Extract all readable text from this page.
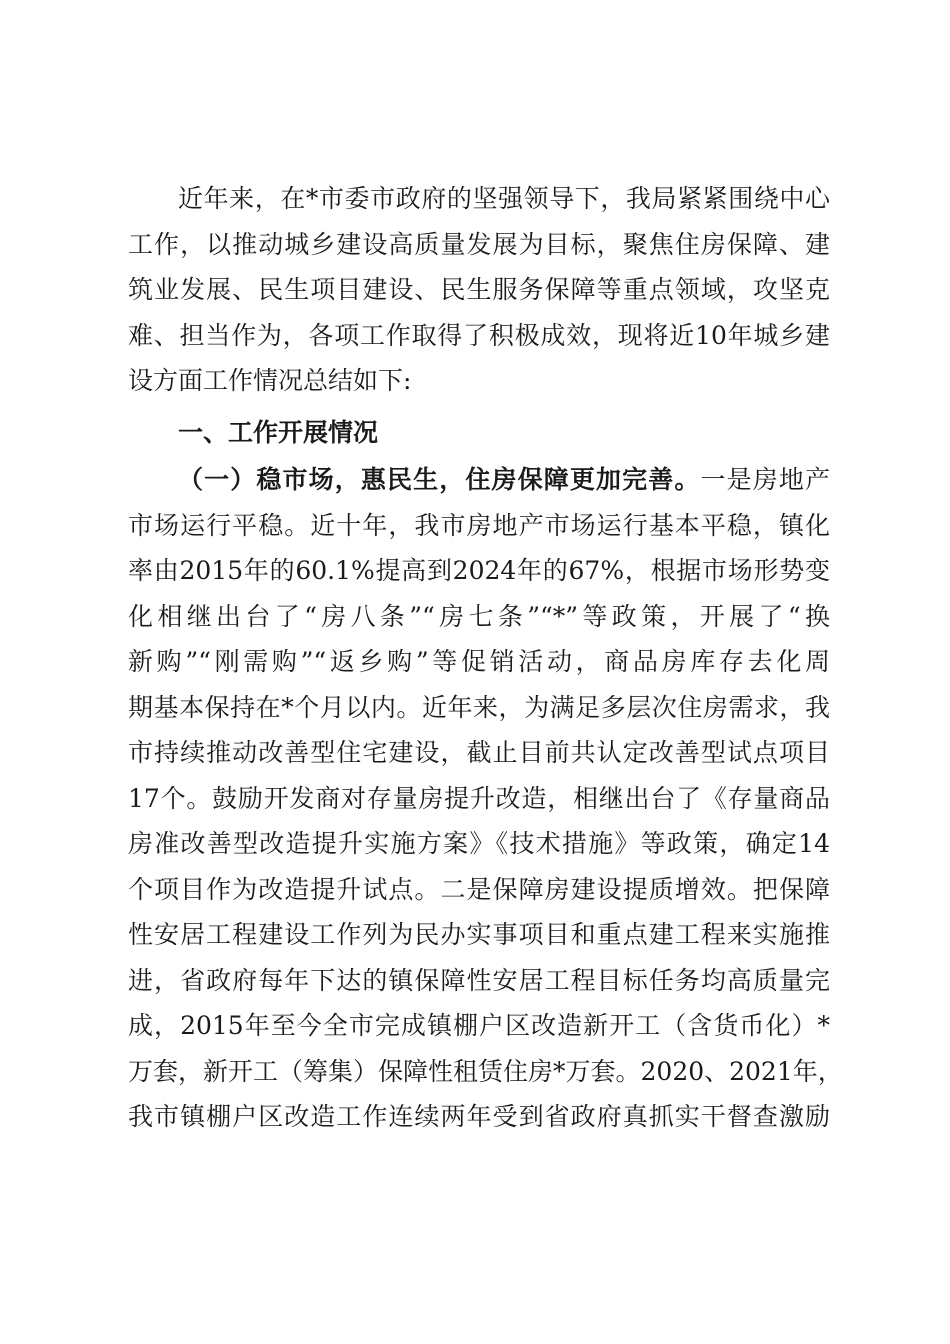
近年来，在*市委市政府的坚强领导下，我局紧紧围绕中心
工作，以推动城乡建设高质量发展为目标，聚焦住房保障、建
筑业发展、民生项目建设、民生服务保障等重点领域，攻坚克
难、担当作为，各项工作取得了积极成效，现将近10年城乡建
设方面工作情况总结如下:
一、工作开展情况
（一）稳市场，惠民生，住房保障更加完善。一是房地产
市场运行平稳。近十年，我市房地产市场运行基本平稳，镇化
率由2015年的60.1%提高到2024年的67%，根据市场形势变
化相继出台了“房八条”“房七条”“*”等政策，开展了“换
新购”“刚需购”“返乡购”等促销活动，商品房库存去化周
期基本保持在*个月以内。近年来，为满足多层次住房需求，我
市持续推动改善型住宅建设，截止目前共认定改善型试点项目
17个。鼓励开发商对存量房提升改造，相继出台了《存量商品
房准改善型改造提升实施方案》《技术措施》等政策，确定14
个项目作为改造提升试点。二是保障房建设提质增效。把保障
性安居工程建设工作列为民办实事项目和重点建工程来实施推
进，省政府每年下达的镇保障性安居工程目标任务均高质量完
成，2015年至今全市完成镇棚户区改造新开工（含货币化）*
万套，新开工（筹集）保障性租赁住房*万套。2020、2021年，
我市镇棚户区改造工作连续两年受到省政府真抓实干督查激励
